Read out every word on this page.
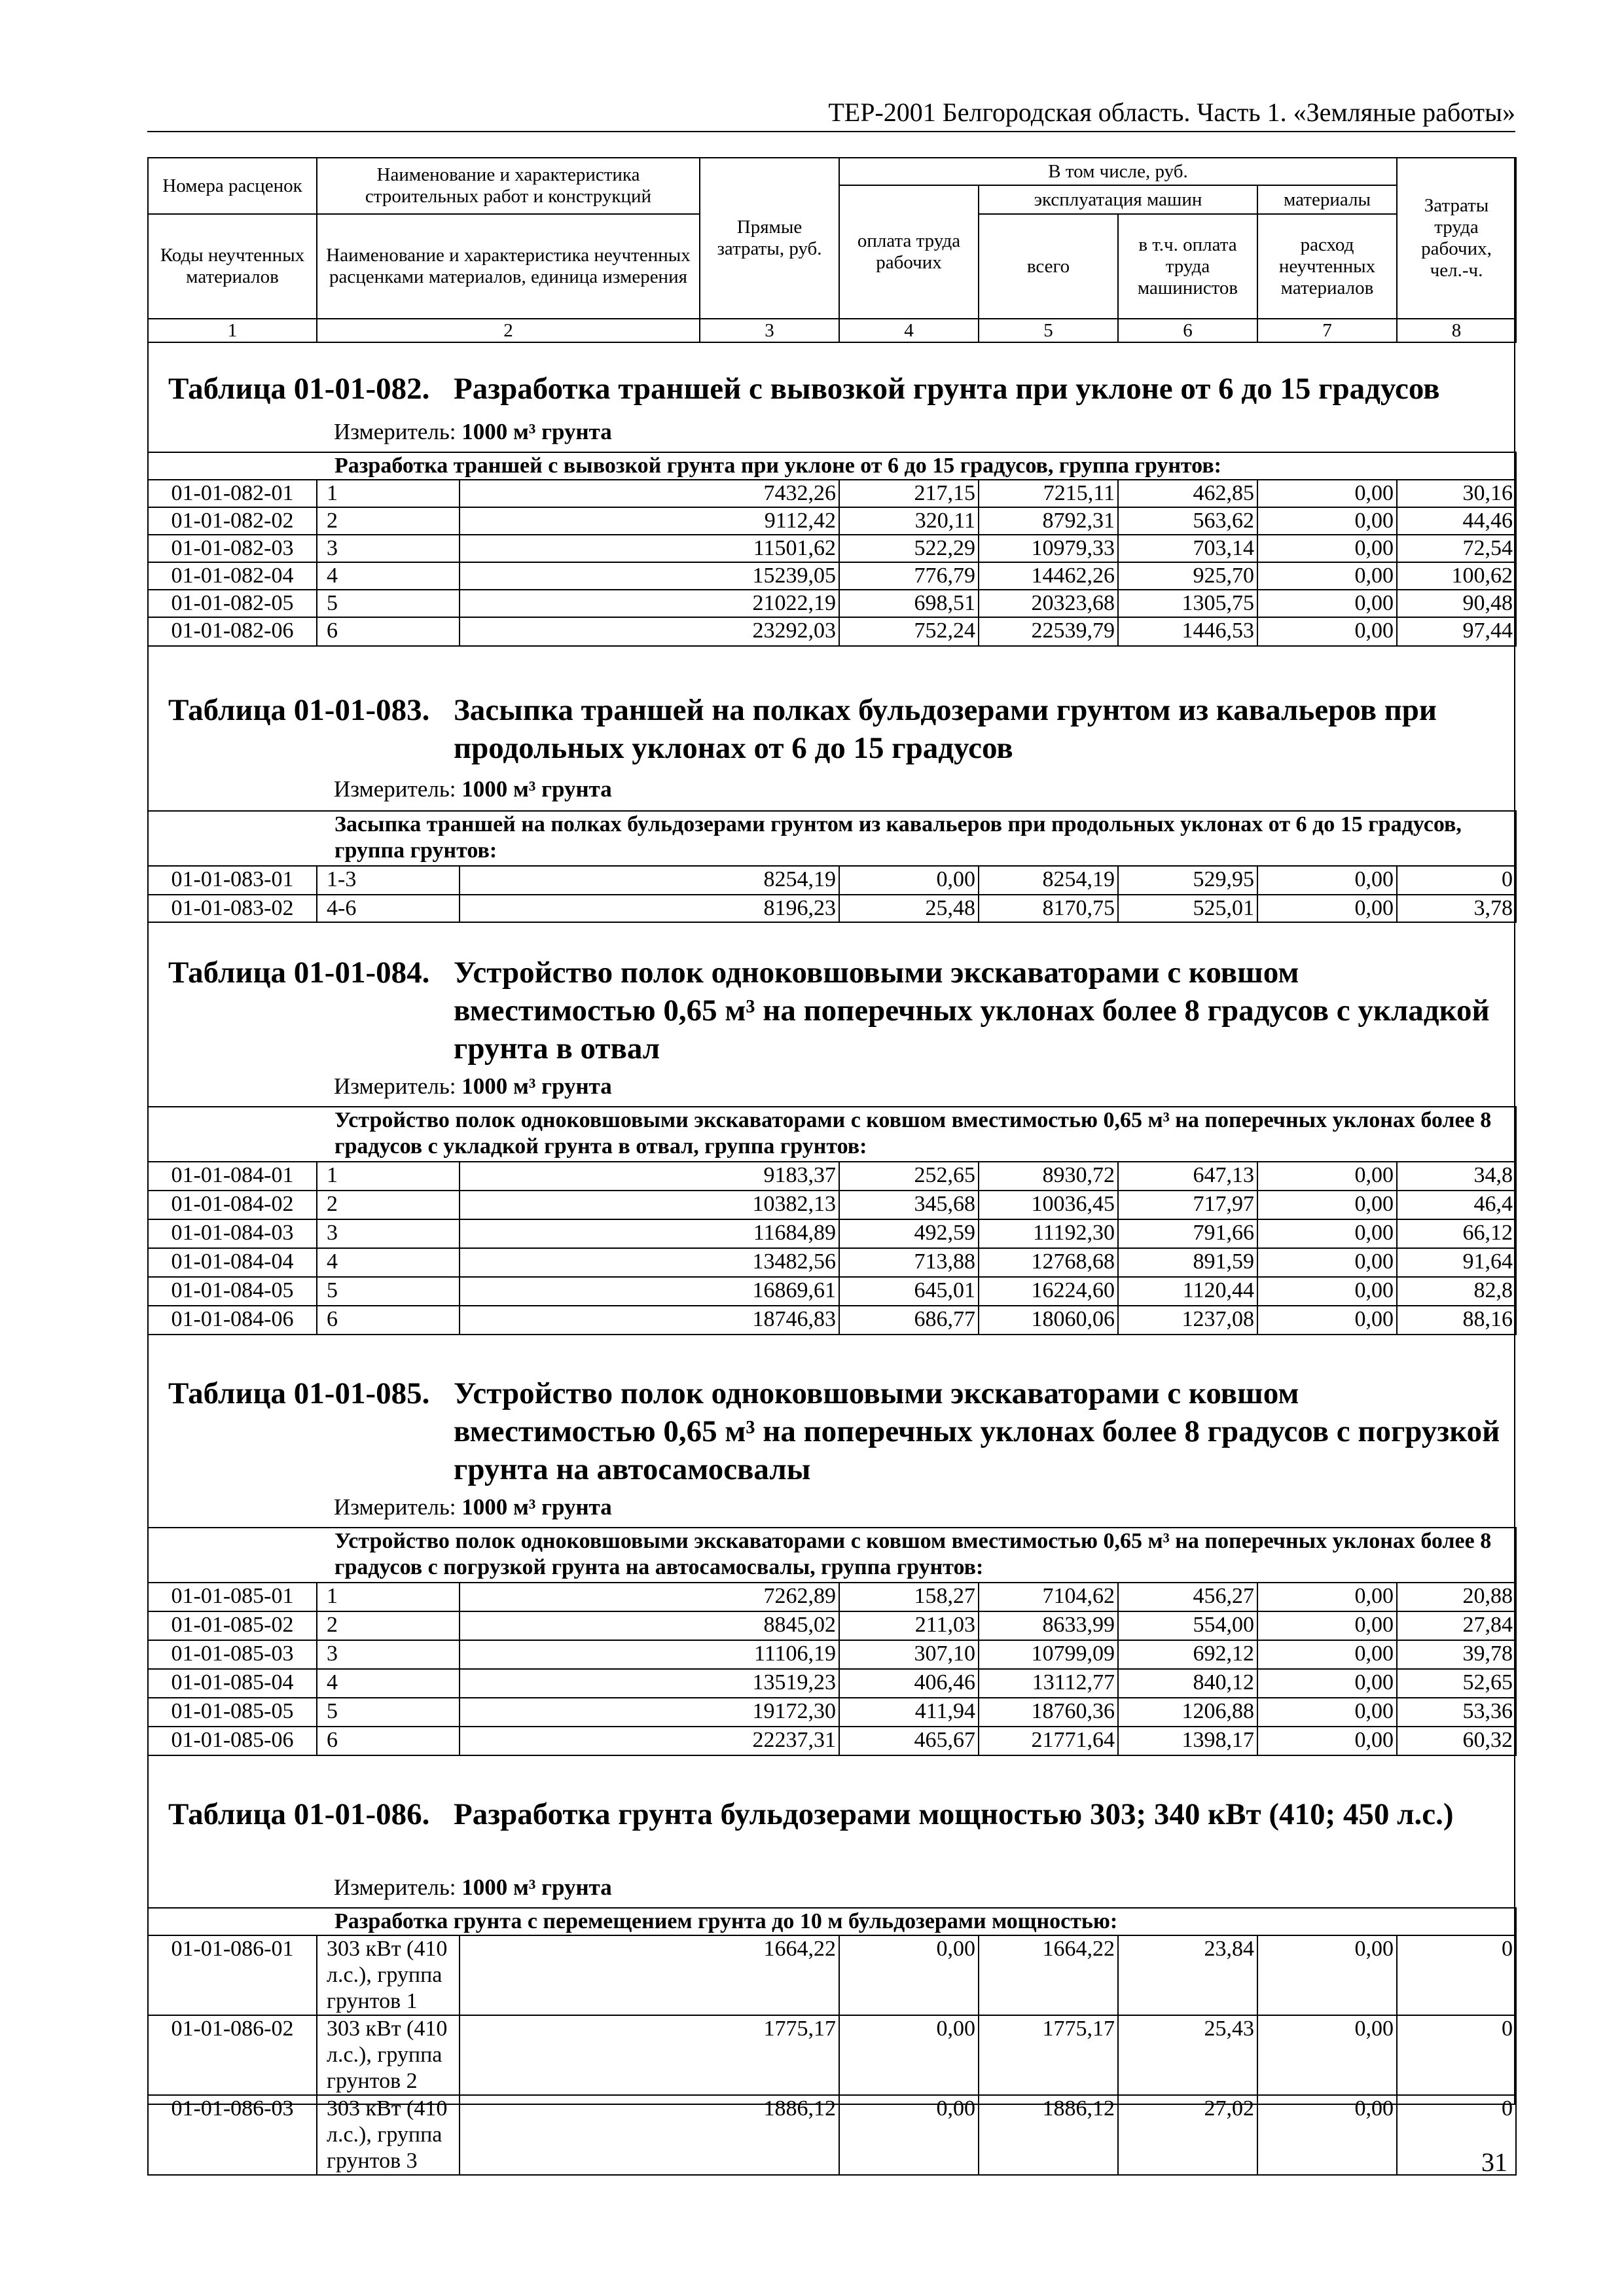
ТЕР-2001 Белгородская область. Часть 1. «Земляные работы»
Номера расценок	Наименование и характеристика строительных работ и конструкций	Прямые затраты, руб.	В том числе, руб.				Затраты труда рабочих, чел.-ч.
			оплата труда рабочих	эксплуатация машин		материалы	
Коды неучтенных материалов	Наименование и характеристика неучтенных расценками материалов, единица измерения			всего	в т.ч. оплата труда машинистов	расход неучтенных материалов	
1	2	3	4	5	6	7	8
Таблица 01-01-082. Разработка траншей с вывозкой грунта при уклоне от 6 до 15 градусов
Измеритель: 1000 м³ грунта
Разработка траншей с вывозкой грунта при уклоне от 6 до 15 градусов, группа грунтов:							
01-01-082-01	1	7432,26	217,15	7215,11	462,85	0,00	30,16
01-01-082-02	2	9112,42	320,11	8792,31	563,62	0,00	44,46
01-01-082-03	3	11501,62	522,29	10979,33	703,14	0,00	72,54
01-01-082-04	4	15239,05	776,79	14462,26	925,70	0,00	100,62
01-01-082-05	5	21022,19	698,51	20323,68	1305,75	0,00	90,48
01-01-082-06	6	23292,03	752,24	22539,79	1446,53	0,00	97,44
Таблица 01-01-083. Засыпка траншей на полках бульдозерами грунтом из кавальеров при продольных уклонах от 6 до 15 градусов
Измеритель: 1000 м³ грунта
Засыпка траншей на полках бульдозерами грунтом из кавальеров при продольных уклонах от 6 до 15 градусов, группа грунтов:							
01-01-083-01	1-3	8254,19	0,00	8254,19	529,95	0,00	0
01-01-083-02	4-6	8196,23	25,48	8170,75	525,01	0,00	3,78
Таблица 01-01-084. Устройство полок одноковшовыми экскаваторами с ковшом вместимостью 0,65 м³ на поперечных уклонах более 8 градусов с укладкой грунта в отвал
Измеритель: 1000 м³ грунта
Устройство полок одноковшовыми экскаваторами с ковшом вместимостью 0,65 м³ на поперечных уклонах более 8 градусов с укладкой грунта в отвал, группа грунтов:							
01-01-084-01	1	9183,37	252,65	8930,72	647,13	0,00	34,8
01-01-084-02	2	10382,13	345,68	10036,45	717,97	0,00	46,4
01-01-084-03	3	11684,89	492,59	11192,30	791,66	0,00	66,12
01-01-084-04	4	13482,56	713,88	12768,68	891,59	0,00	91,64
01-01-084-05	5	16869,61	645,01	16224,60	1120,44	0,00	82,8
01-01-084-06	6	18746,83	686,77	18060,06	1237,08	0,00	88,16
Таблица 01-01-085. Устройство полок одноковшовыми экскаваторами с ковшом вместимостью 0,65 м³ на поперечных уклонах более 8 градусов с погрузкой грунта на автосамосвалы
Измеритель: 1000 м³ грунта
Устройство полок одноковшовыми экскаваторами с ковшом вместимостью 0,65 м³ на поперечных уклонах более 8 градусов с погрузкой грунта на автосамосвалы, группа грунтов:							
01-01-085-01	1	7262,89	158,27	7104,62	456,27	0,00	20,88
01-01-085-02	2	8845,02	211,03	8633,99	554,00	0,00	27,84
01-01-085-03	3	11106,19	307,10	10799,09	692,12	0,00	39,78
01-01-085-04	4	13519,23	406,46	13112,77	840,12	0,00	52,65
01-01-085-05	5	19172,30	411,94	18760,36	1206,88	0,00	53,36
01-01-085-06	6	22237,31	465,67	21771,64	1398,17	0,00	60,32
Таблица 01-01-086. Разработка грунта бульдозерами мощностью 303; 340 кВт (410; 450 л.с.)
Измеритель: 1000 м³ грунта
Разработка грунта с перемещением грунта до 10 м бульдозерами мощностью:							
01-01-086-01	303 кВт (410 л.с.), группа грунтов 1	1664,22	0,00	1664,22	23,84	0,00	0
01-01-086-02	303 кВт (410 л.с.), группа грунтов 2	1775,17	0,00	1775,17	25,43	0,00	0
01-01-086-03	303 кВт (410 л.с.), группа грунтов 3	1886,12	0,00	1886,12	27,02	0,00	0
31
